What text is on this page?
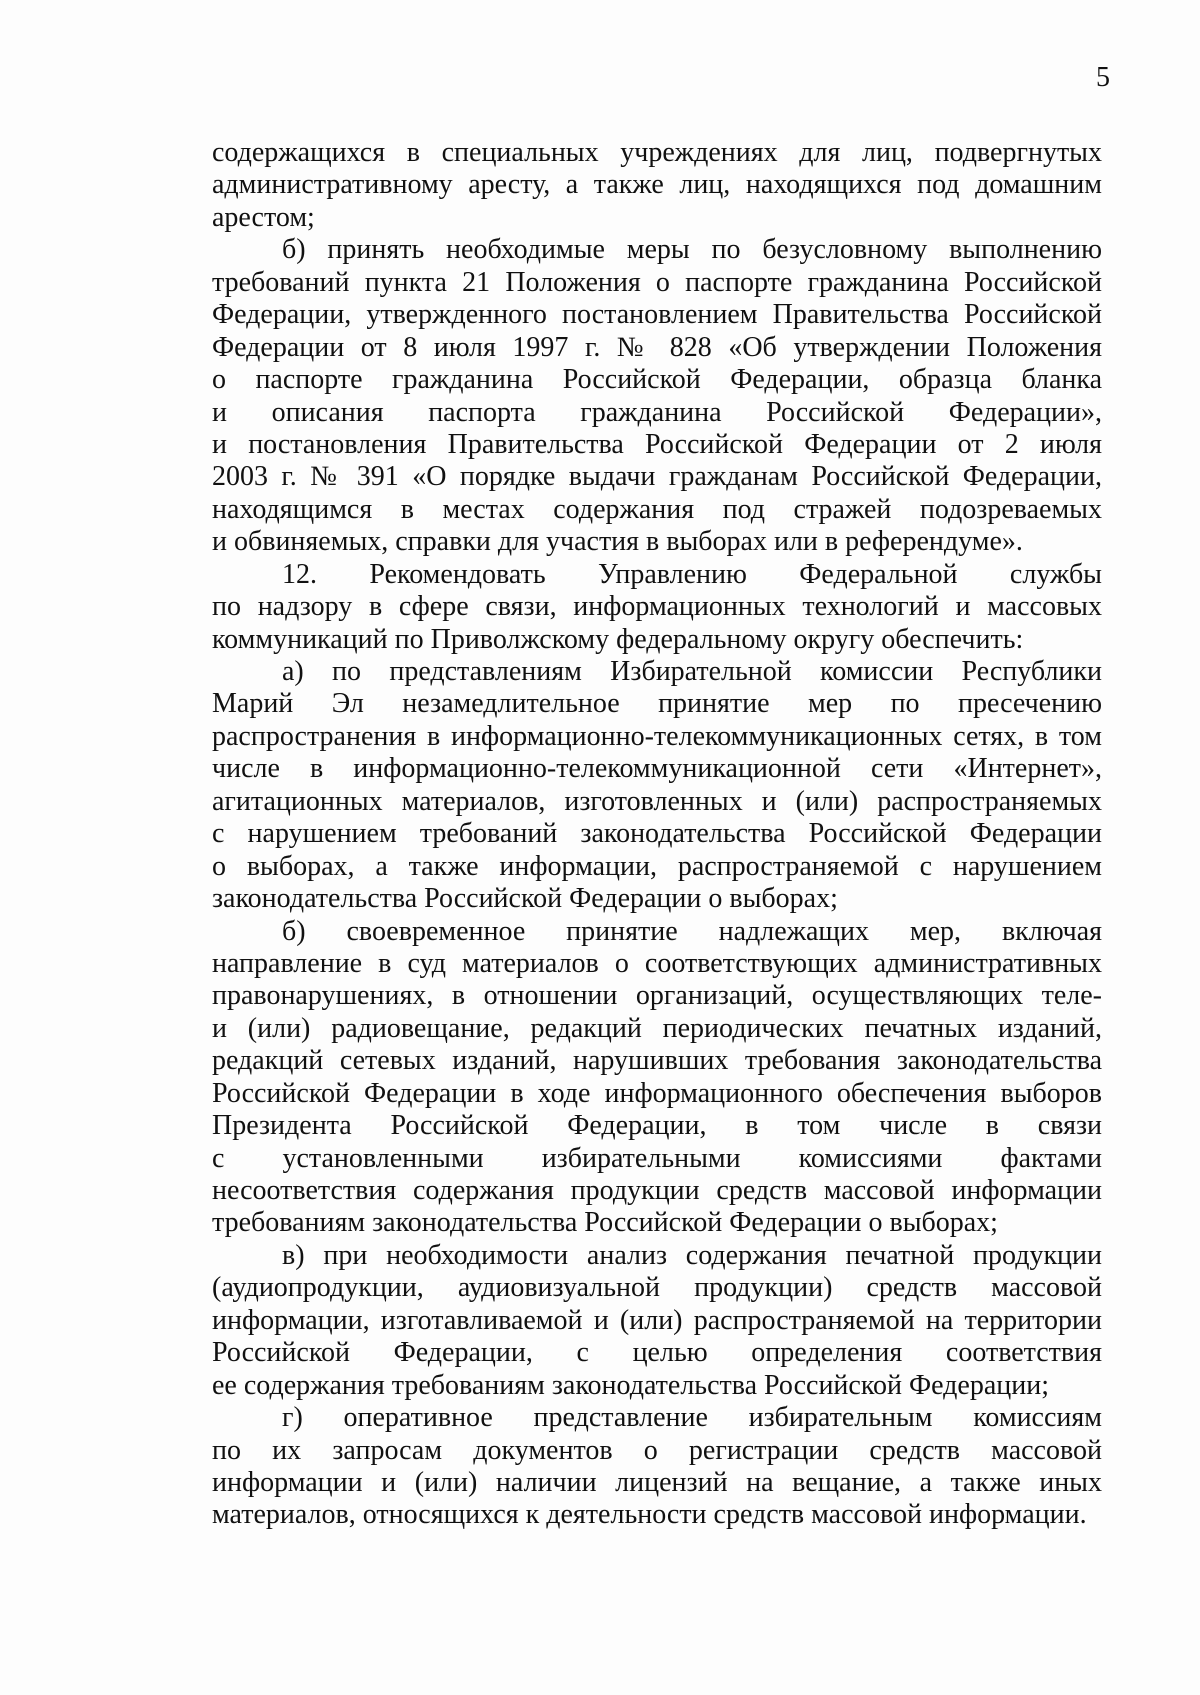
5
содержащихся в специальных учреждениях для лиц, подвергнутых
административному аресту, а также лиц, находящихся под домашним
арестом;
б) принять необходимые меры по безусловному выполнению
требований пункта 21 Положения о паспорте гражданина Российской
Федерации, утвержденного постановлением Правительства Российской
Федерации от 8 июля 1997 г. № 828 «Об утверждении Положения
о паспорте гражданина Российской Федерации, образца бланка
и описания паспорта гражданина Российской Федерации»,
и постановления Правительства Российской Федерации от 2 июля
2003 г. № 391 «О порядке выдачи гражданам Российской Федерации,
находящимся в местах содержания под стражей подозреваемых
и обвиняемых, справки для участия в выборах или в референдуме».
12. Рекомендовать Управлению Федеральной службы
по надзору в сфере связи, информационных технологий и массовых
коммуникаций по Приволжскому федеральному округу обеспечить:
а) по представлениям Избирательной комиссии Республики
Марий Эл незамедлительное принятие мер по пресечению
распространения в информационно-телекоммуникационных сетях, в том
числе в информационно-телекоммуникационной сети «Интернет»,
агитационных материалов, изготовленных и (или) распространяемых
с нарушением требований законодательства Российской Федерации
о выборах, а также информации, распространяемой с нарушением
законодательства Российской Федерации о выборах;
б) своевременное принятие надлежащих мер, включая
направление в суд материалов о соответствующих административных
правонарушениях, в отношении организаций, осуществляющих теле-
и (или) радиовещание, редакций периодических печатных изданий,
редакций сетевых изданий, нарушивших требования законодательства
Российской Федерации в ходе информационного обеспечения выборов
Президента Российской Федерации, в том числе в связи
с установленными избирательными комиссиями фактами
несоответствия содержания продукции средств массовой информации
требованиям законодательства Российской Федерации о выборах;
в) при необходимости анализ содержания печатной продукции
(аудиопродукции, аудиовизуальной продукции) средств массовой
информации, изготавливаемой и (или) распространяемой на территории
Российской Федерации, с целью определения соответствия
ее содержания требованиям законодательства Российской Федерации;
г) оперативное представление избирательным комиссиям
по их запросам документов о регистрации средств массовой
информации и (или) наличии лицензий на вещание, а также иных
материалов, относящихся к деятельности средств массовой информации.
